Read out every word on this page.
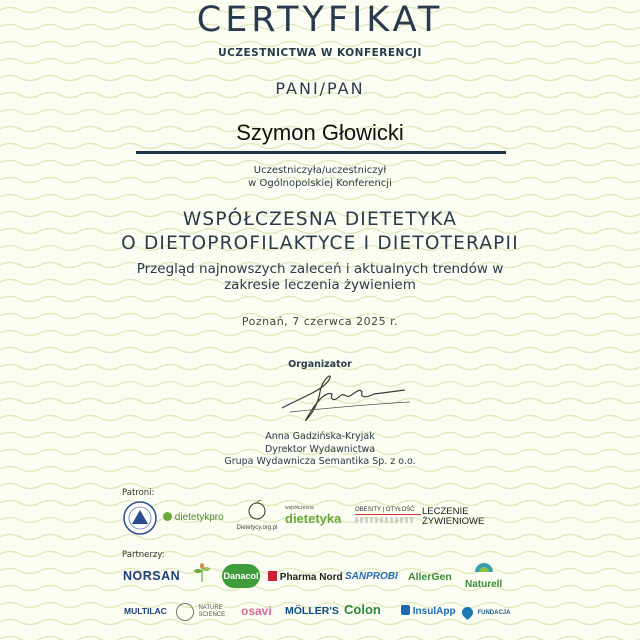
CERTYFIKAT
UCZESTNICTWA W KONFERENCJI
PANI/PAN
Szymon Głowicki
Uczestniczyła/uczestniczył
w Ogólnopolskiej Konferencji
WSPÓŁCZESNA DIETETYKA
O DIETOPROFILAKTYCE I DIETOTERAPII
Przegląd najnowszych zaleceń i aktualnych trendów w
zakresie leczenia żywieniem
Poznań, 7 czerwca 2025 r.
Organizator
Anna Gadzińska-Kryjak
Dyrektor Wydawnictwa
Grupa Wydawnicza Semantika Sp. z o.o.
Patroni:
dietetykpro
Dietetycy.org.pl
współczesna
dietetyka
OBESITY | OTYŁOŚĆ LECZENIE
ŻYWIENIOWE
Partnerzy:
NORSAN	Danacol	Pharma Nord SANPROBI AllerGen
Naturell
MULTILAC	NATURE SCIENCE	osavi MÖLLER'S Colon	InsulApp	FUNDACJA
